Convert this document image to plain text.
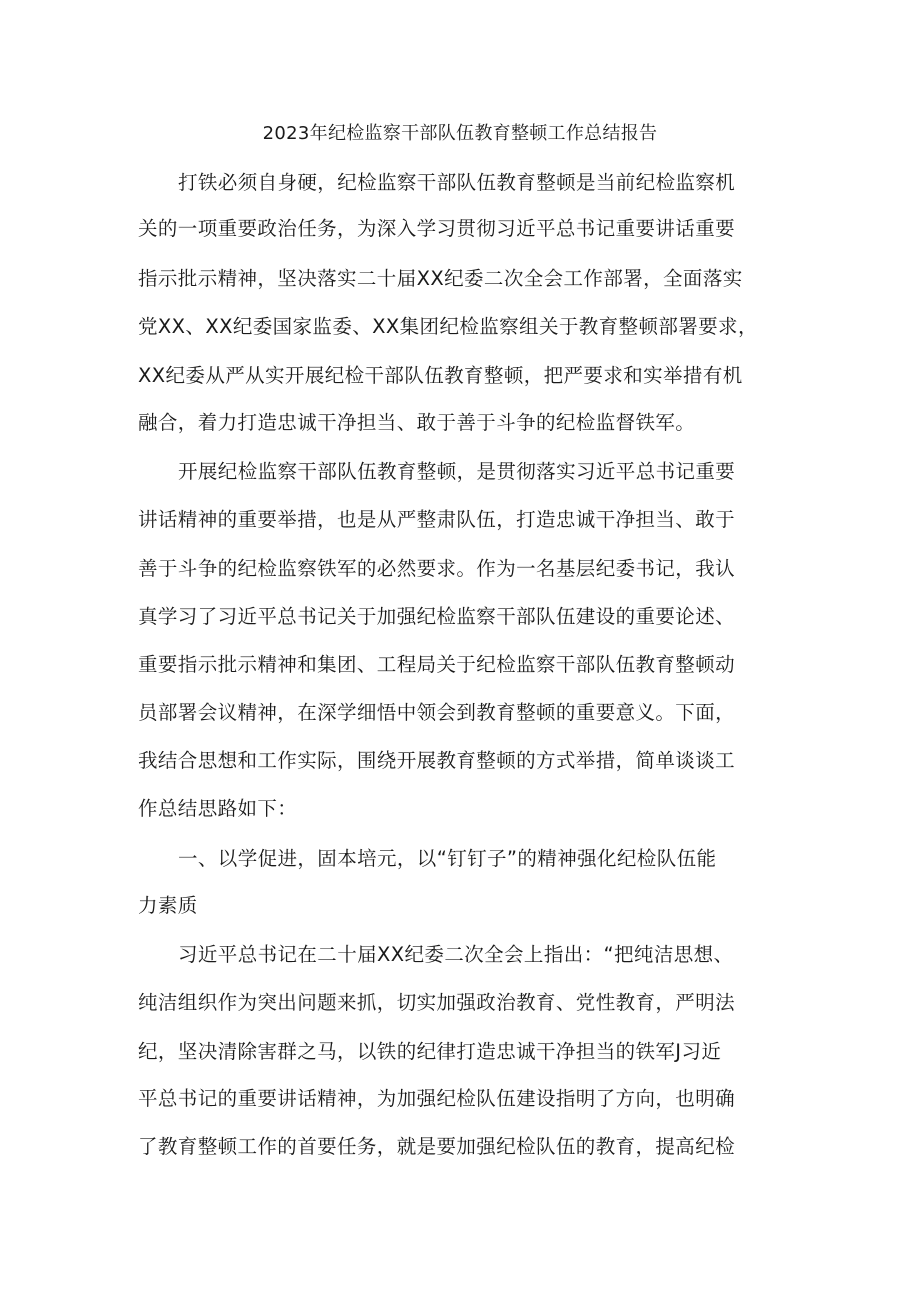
2023年纪检监察干部队伍教育整顿工作总结报告

打铁必须自身硬，纪检监察干部队伍教育整顿是当前纪检监察机

关的一项重要政治任务，为深入学习贯彻习近平总书记重要讲话重要

指示批示精神，坚决落实二十届XX纪委二次全会工作部署，全面落实

党XX、XX纪委国家监委、XX集团纪检监察组关于教育整顿部署要求，

XX纪委从严从实开展纪检干部队伍教育整顿，把严要求和实举措有机

融合，着力打造忠诚干净担当、敢于善于斗争的纪检监督铁军。

开展纪检监察干部队伍教育整顿，是贯彻落实习近平总书记重要

讲话精神的重要举措，也是从严整肃队伍，打造忠诚干净担当、敢于

善于斗争的纪检监察铁军的必然要求。作为一名基层纪委书记，我认

真学习了习近平总书记关于加强纪检监察干部队伍建设的重要论述、

重要指示批示精神和集团、工程局关于纪检监察干部队伍教育整顿动

员部署会议精神，在深学细悟中领会到教育整顿的重要意义。下面，

我结合思想和工作实际，围绕开展教育整顿的方式举措，简单谈谈工

作总结思路如下：

一、以学促进，固本培元，以“钉钉子”的精神强化纪检队伍能

力素质

习近平总书记在二十届XX纪委二次全会上指出：“把纯洁思想、

纯洁组织作为突出问题来抓，切实加强政治教育、党性教育，严明法

纪，坚决清除害群之马，以铁的纪律打造忠诚干净担当的铁军J习近

平总书记的重要讲话精神，为加强纪检队伍建设指明了方向，也明确

了教育整顿工作的首要任务，就是要加强纪检队伍的教育，提高纪检
